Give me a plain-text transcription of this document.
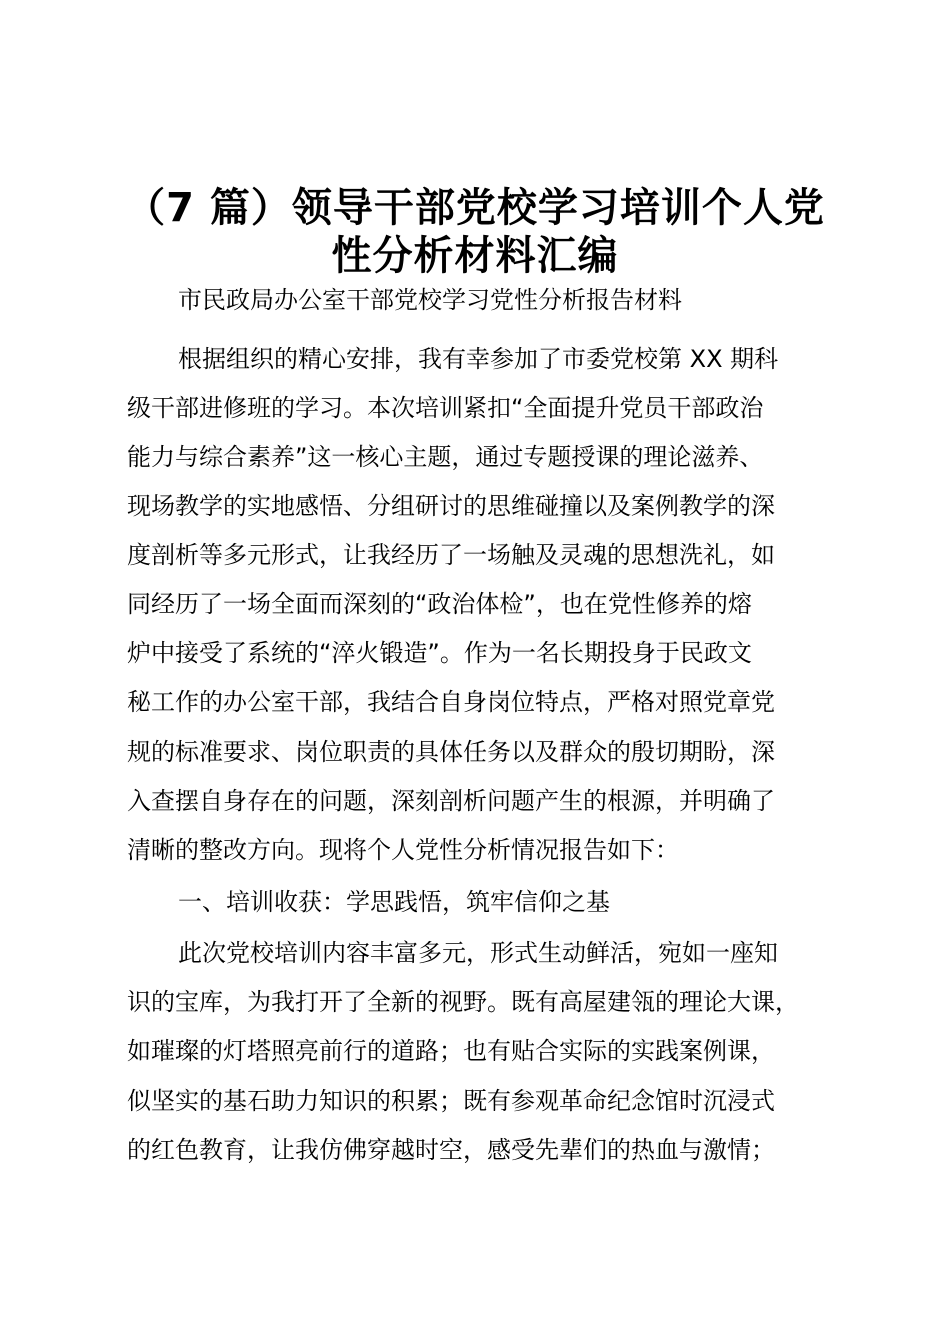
（7 篇）领导干部党校学习培训个人党
性分析材料汇编

市民政局办公室干部党校学习党性分析报告材料

根据组织的精心安排，我有幸参加了市委党校第 XX 期科

级干部进修班的学习。本次培训紧扣“全面提升党员干部政治

能力与综合素养”这一核心主题，通过专题授课的理论滋养、

现场教学的实地感悟、分组研讨的思维碰撞以及案例教学的深

度剖析等多元形式，让我经历了一场触及灵魂的思想洗礼，如

同经历了一场全面而深刻的“政治体检”，也在党性修养的熔

炉中接受了系统的“淬火锻造”。作为一名长期投身于民政文

秘工作的办公室干部，我结合自身岗位特点，严格对照党章党

规的标准要求、岗位职责的具体任务以及群众的殷切期盼，深

入查摆自身存在的问题，深刻剖析问题产生的根源，并明确了

清晰的整改方向。现将个人党性分析情况报告如下：

一、培训收获：学思践悟，筑牢信仰之基

此次党校培训内容丰富多元，形式生动鲜活，宛如一座知

识的宝库，为我打开了全新的视野。既有高屋建瓴的理论大课，

如璀璨的灯塔照亮前行的道路；也有贴合实际的实践案例课，

似坚实的基石助力知识的积累；既有参观革命纪念馆时沉浸式

的红色教育，让我仿佛穿越时空，感受先辈们的热血与激情；
